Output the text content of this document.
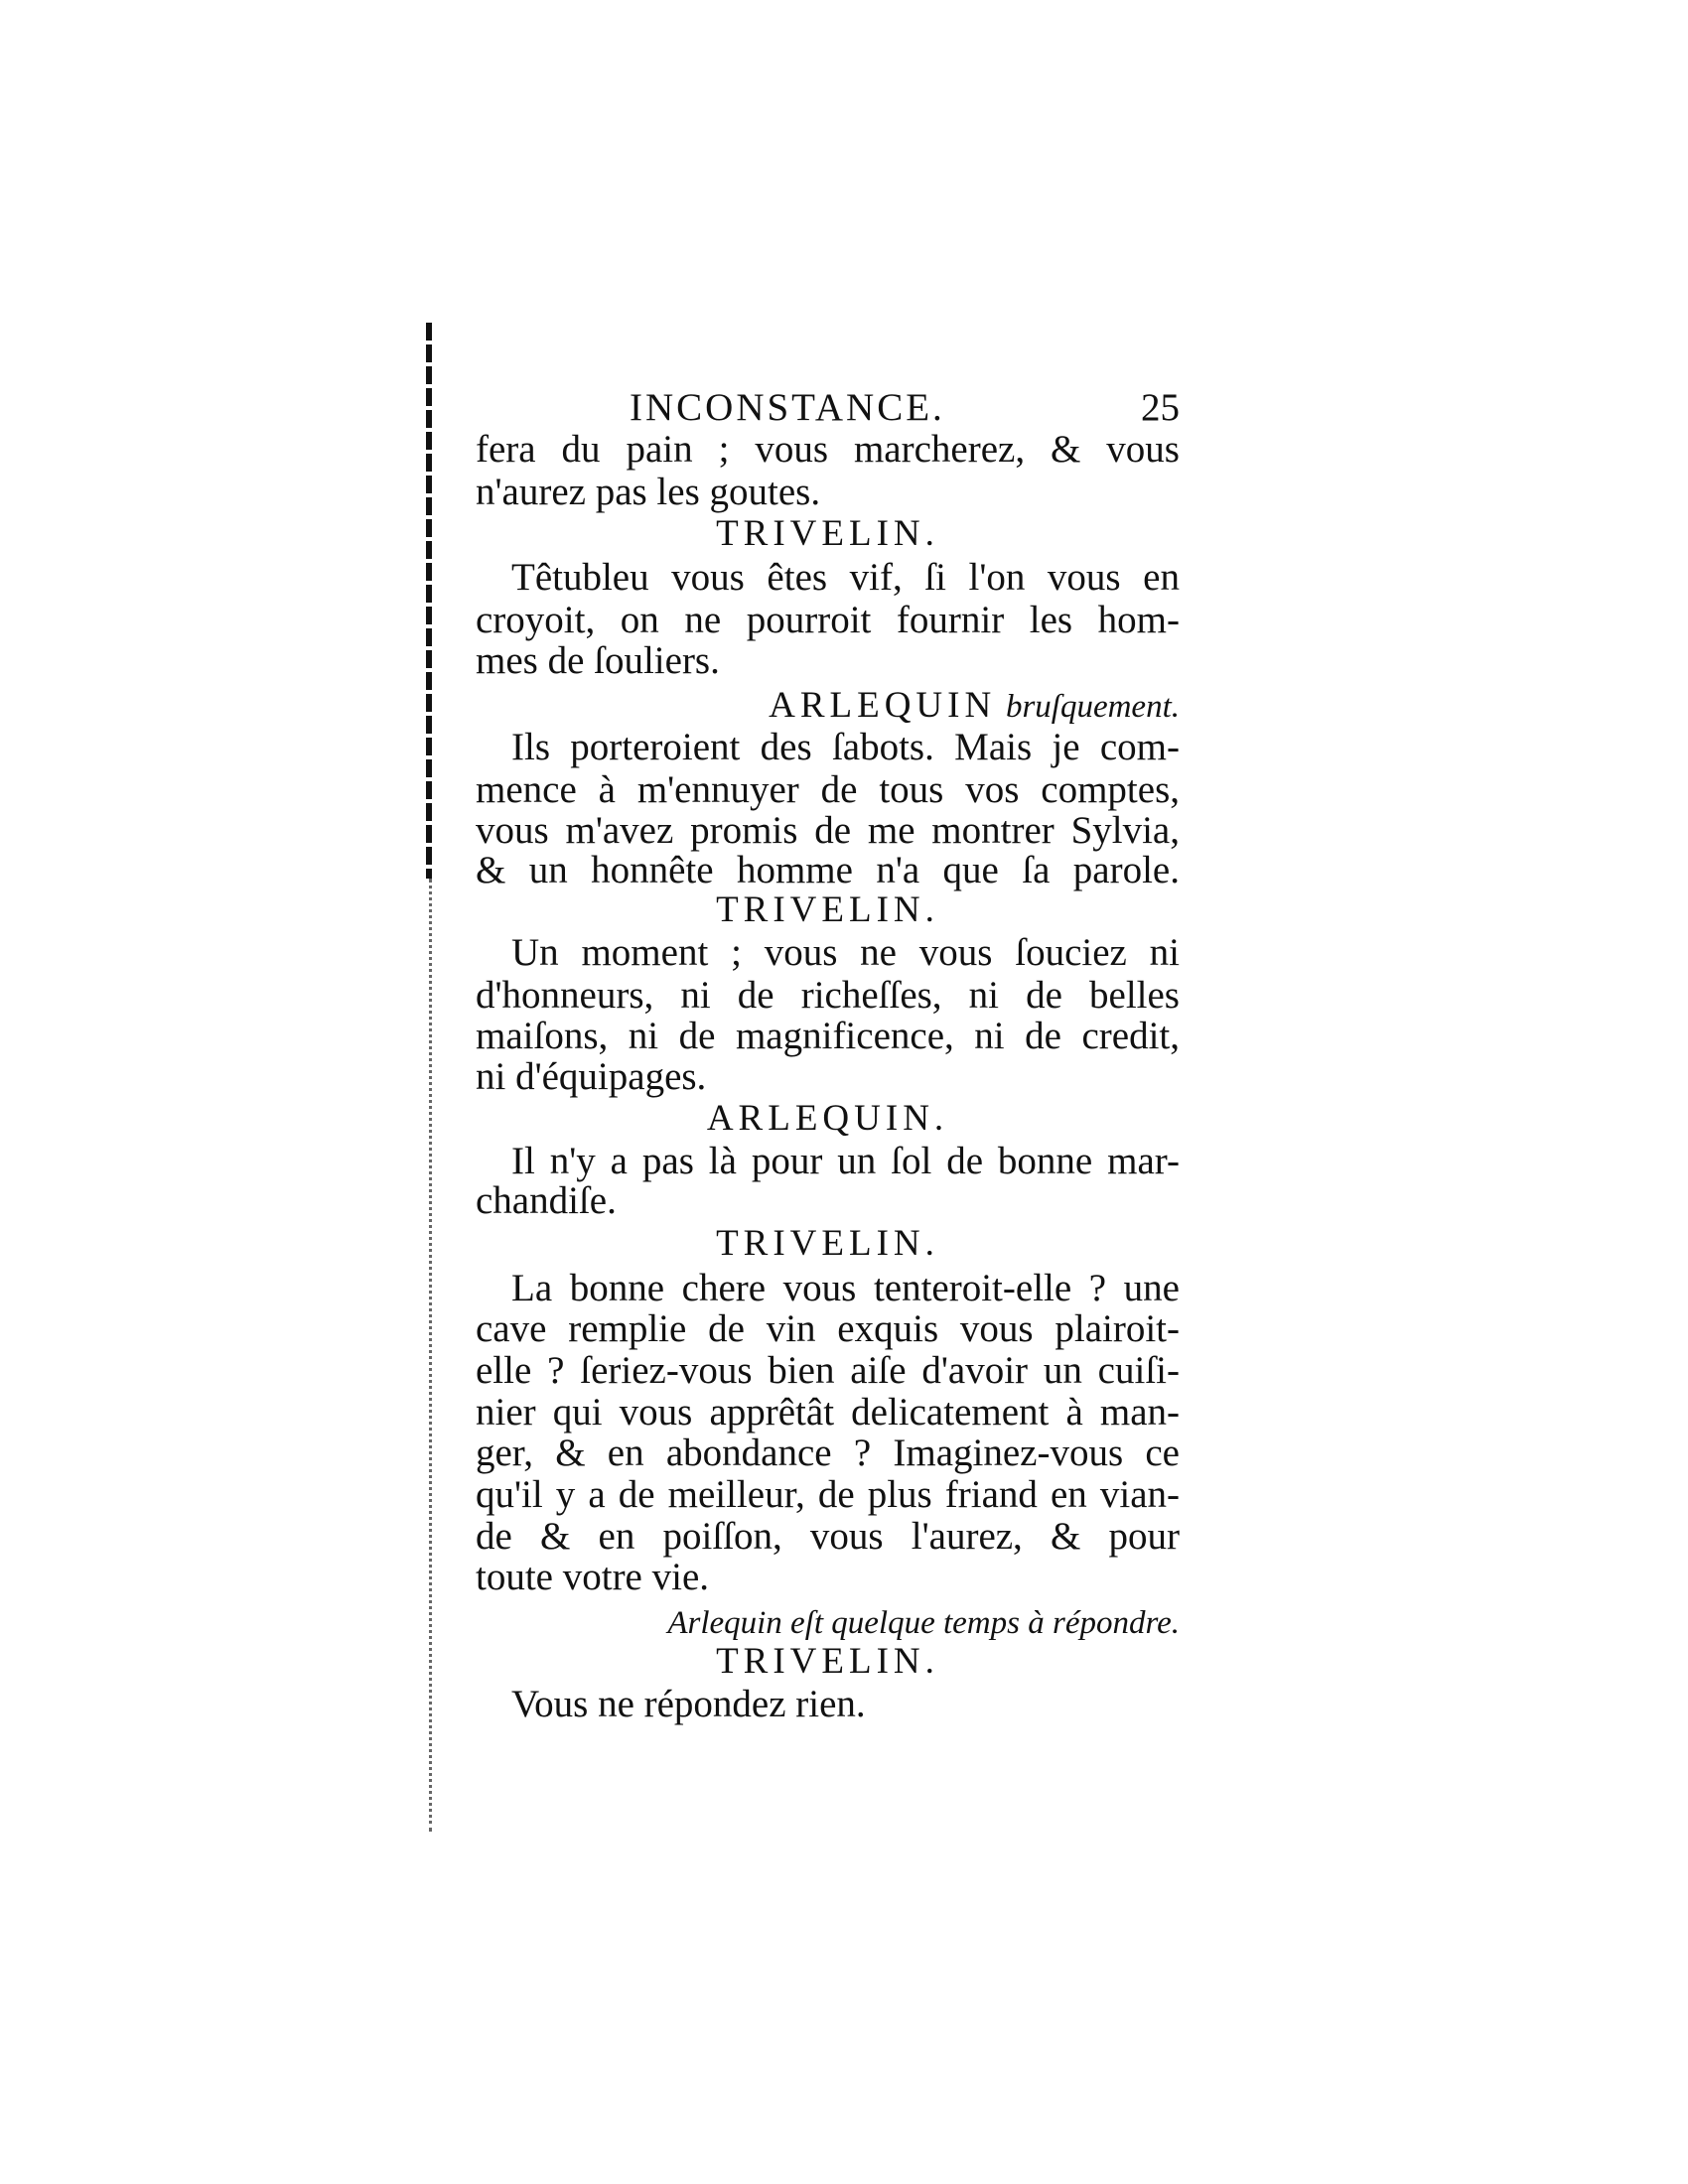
INCONSTANCE.	25
fera du pain ; vous marcherez, & vous
n'aurez pas les goutes.
TRIVELIN.
Têtubleu vous êtes vif, ſi l'on vous en
croyoit, on ne pourroit fournir les hom-
mes de ſouliers.
ARLEQUIN bruſquement.
Ils porteroient des ſabots. Mais je com-
mence à m'ennuyer de tous vos comptes,
vous m'avez promis de me montrer Sylvia,
& un honnête homme n'a que ſa parole.
TRIVELIN.
Un moment ; vous ne vous ſouciez ni
d'honneurs, ni de richeſſes, ni de belles
maiſons, ni de magnificence, ni de credit,
ni d'équipages.
ARLEQUIN.
Il n'y a pas là pour un ſol de bonne mar-
chandiſe.
TRIVELIN.
La bonne chere vous tenteroit-elle ? une
cave remplie de vin exquis vous plairoit-
elle ? ſeriez-vous bien aiſe d'avoir un cuiſi-
nier qui vous apprêtât delicatement à man-
ger, & en abondance ? Imaginez-vous ce
qu'il y a de meilleur, de plus friand en vian-
de & en poiſſon, vous l'aurez, & pour
toute votre vie.
Arlequin eſt quelque temps à répondre.
TRIVELIN.
Vous ne répondez rien.
